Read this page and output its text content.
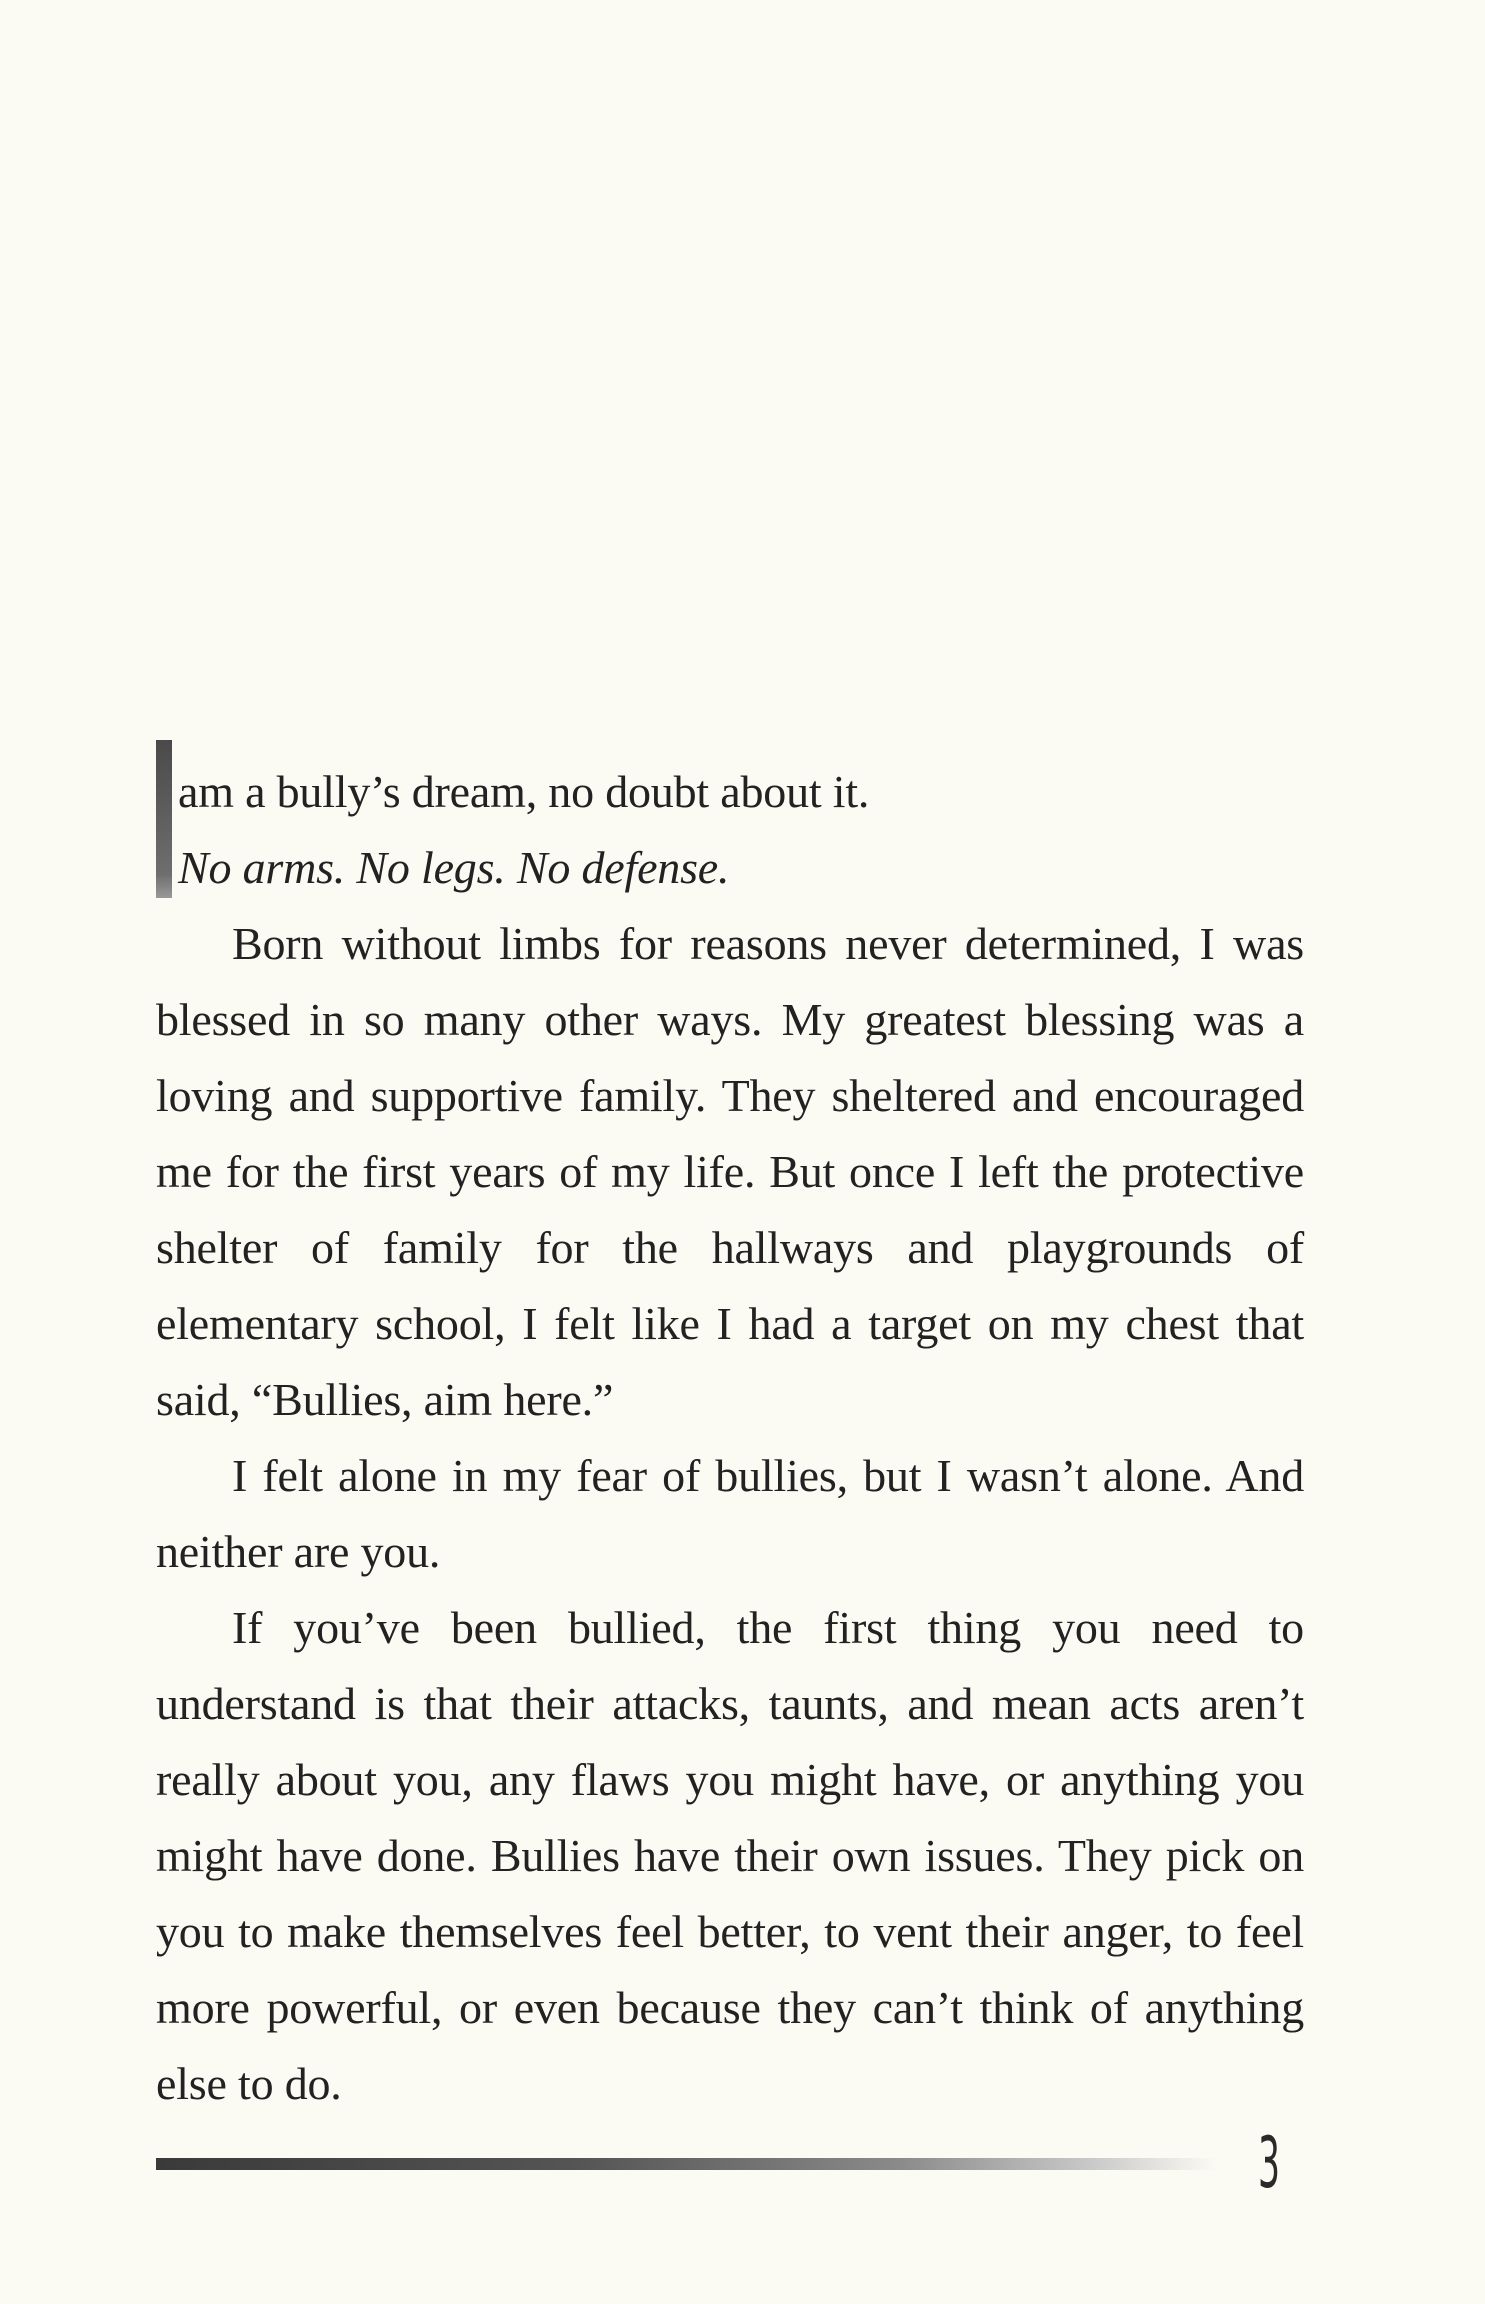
am a bully’s dream, no doubt about it.
No arms. No legs. No defense.

Born without limbs for reasons never determined, I was blessed in so many other ways. My greatest blessing was a loving and supportive family. They sheltered and encouraged me for the first years of my life. But once I left the protective shelter of family for the hallways and playgrounds of elementary school, I felt like I had a target on my chest that said, “Bullies, aim here.”

I felt alone in my fear of bullies, but I wasn’t alone. And neither are you.

If you’ve been bullied, the first thing you need to understand is that their attacks, taunts, and mean acts aren’t really about you, any flaws you might have, or anything you might have done. Bullies have their own issues. They pick on you to make themselves feel better, to vent their anger, to feel more powerful, or even because they can’t think of anything else to do.

3
